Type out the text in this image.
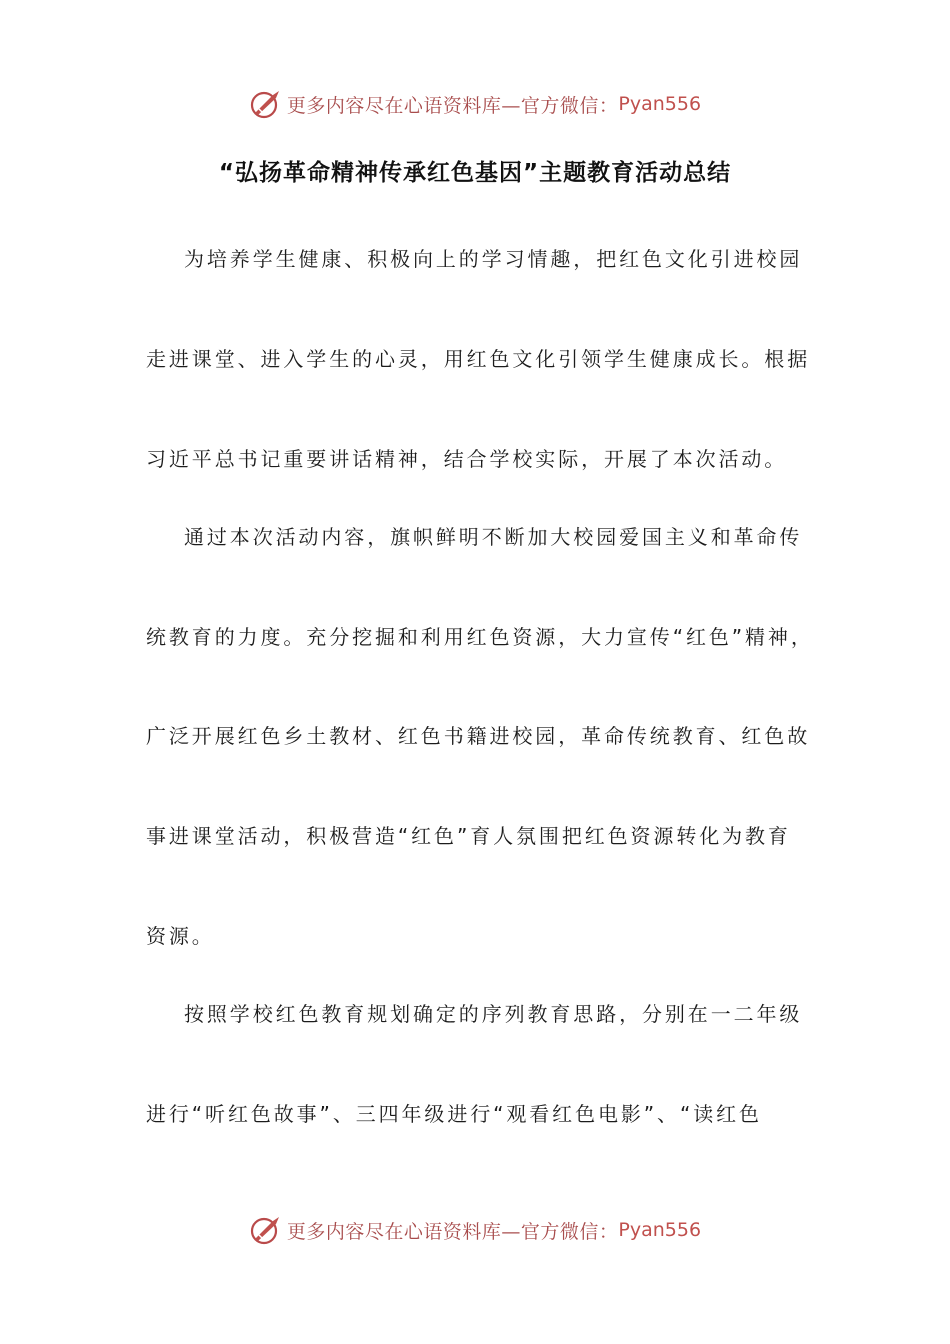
更多内容尽在心语资料库—官方微信： Pyan556
“弘扬革命精神传承红色基因”主题教育活动总结
为培养学生健康、积极向上的学习情趣，把红色文化引进校园
走进课堂、进入学生的心灵，用红色文化引领学生健康成长。根据
习近平总书记重要讲话精神，结合学校实际，开展了本次活动。
通过本次活动内容，旗帜鲜明不断加大校园爱国主义和革命传
统教育的力度。充分挖掘和利用红色资源，大力宣传“红色”精神，
广泛开展红色乡土教材、红色书籍进校园，革命传统教育、红色故
事进课堂活动，积极营造“红色”育人氛围把红色资源转化为教育
资源。
按照学校红色教育规划确定的序列教育思路，分别在一二年级
进行“听红色故事”、三四年级进行“观看红色电影”、“读红色
更多内容尽在心语资料库—官方微信： Pyan556
